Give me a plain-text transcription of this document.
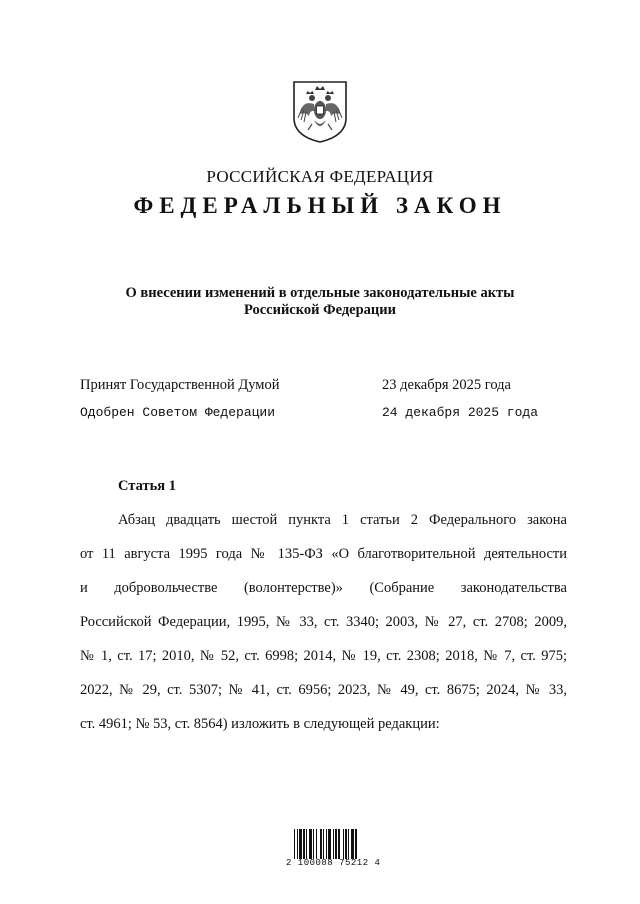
РОССИЙСКАЯ ФЕДЕРАЦИЯ
ФЕДЕРАЛЬНЫЙ ЗАКОН
О внесении изменений в отдельные законодательные акты
Российской Федерации
Принят Государственной Думой	23 декабря 2025 года
Одобрен Советом Федерации	24 декабря 2025 года
Статья 1
Абзац двадцать шестой пункта 1 статьи 2 Федерального закона
от 11 августа 1995 года № 135-ФЗ «О благотворительной деятельности
и добровольчестве (волонтерстве)» (Собрание законодательства
Российской Федерации, 1995, № 33, ст. 3340; 2003, № 27, ст. 2708; 2009,
№ 1, ст. 17; 2010, № 52, ст. 6998; 2014, № 19, ст. 2308; 2018, № 7, ст. 975;
2022, № 29, ст. 5307; № 41, ст. 6956; 2023, № 49, ст. 8675; 2024, № 33,
ст. 4961; № 53, ст. 8564) изложить в следующей редакции:
2 100088 75212 4
